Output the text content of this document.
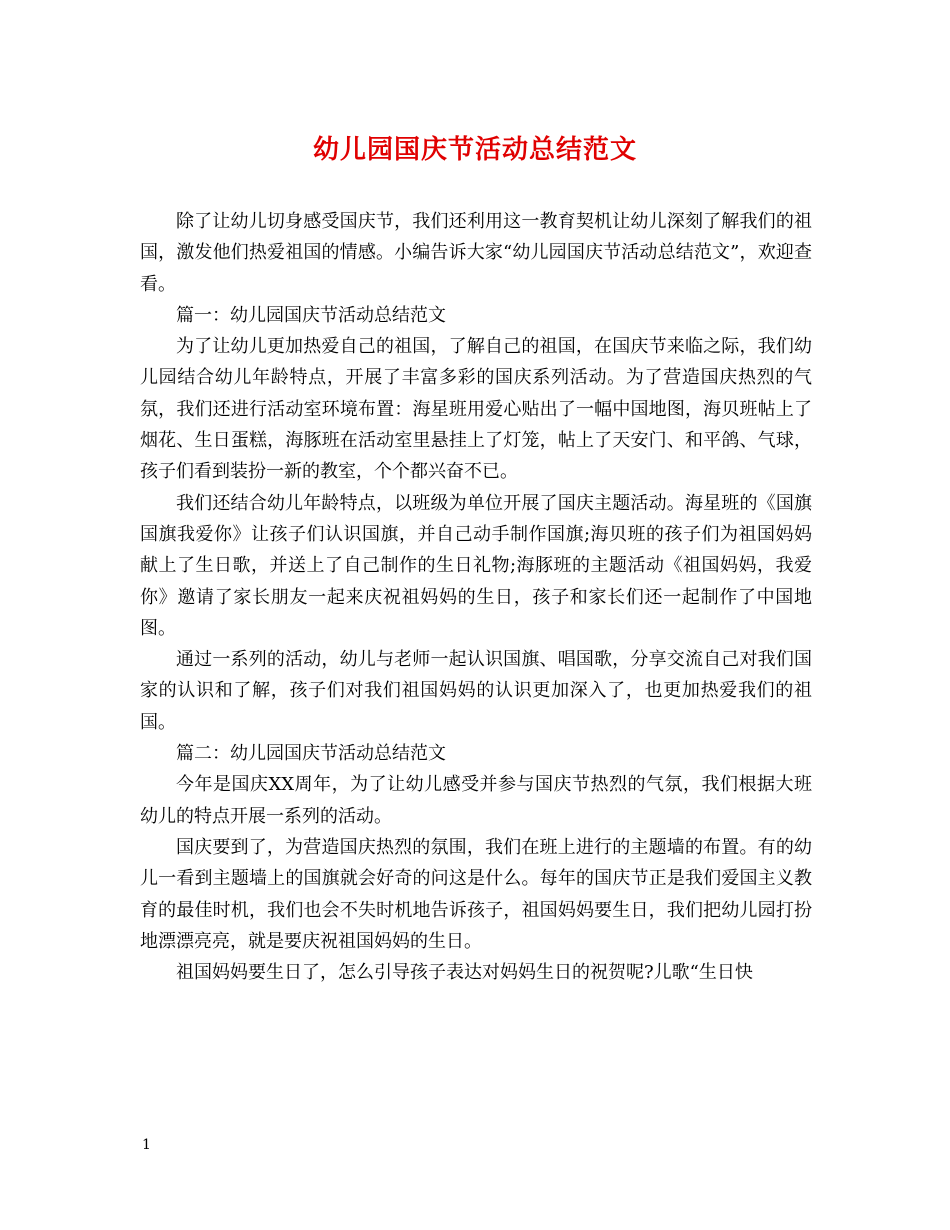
幼儿园国庆节活动总结范文

除了让幼儿切身感受国庆节，我们还利用这一教育契机让幼儿深刻了解我们的祖国，激发他们热爱祖国的情感。小编告诉大家“幼儿园国庆节活动总结范文”，欢迎查看。

篇一：幼儿园国庆节活动总结范文

为了让幼儿更加热爱自己的祖国，了解自己的祖国，在国庆节来临之际，我们幼儿园结合幼儿年龄特点，开展了丰富多彩的国庆系列活动。为了营造国庆热烈的气氛，我们还进行活动室环境布置：海星班用爱心贴出了一幅中国地图，海贝班帖上了烟花、生日蛋糕，海豚班在活动室里悬挂上了灯笼，帖上了天安门、和平鸽、气球，孩子们看到装扮一新的教室，个个都兴奋不已。

我们还结合幼儿年龄特点，以班级为单位开展了国庆主题活动。海星班的《国旗国旗我爱你》让孩子们认识国旗，并自己动手制作国旗;海贝班的孩子们为祖国妈妈献上了生日歌，并送上了自己制作的生日礼物;海豚班的主题活动《祖国妈妈，我爱你》邀请了家长朋友一起来庆祝祖妈妈的生日，孩子和家长们还一起制作了中国地图。

通过一系列的活动，幼儿与老师一起认识国旗、唱国歌，分享交流自己对我们国家的认识和了解，孩子们对我们祖国妈妈的认识更加深入了，也更加热爱我们的祖国。

篇二：幼儿园国庆节活动总结范文

今年是国庆XX周年，为了让幼儿感受并参与国庆节热烈的气氛，我们根据大班幼儿的特点开展一系列的活动。

国庆要到了，为营造国庆热烈的氛围，我们在班上进行的主题墙的布置。有的幼儿一看到主题墙上的国旗就会好奇的问这是什么。每年的国庆节正是我们爱国主义教育的最佳时机，我们也会不失时机地告诉孩子，祖国妈妈要生日，我们把幼儿园打扮地漂漂亮亮，就是要庆祝祖国妈妈的生日。

祖国妈妈要生日了，怎么引导孩子表达对妈妈生日的祝贺呢?儿歌“生日快

1
